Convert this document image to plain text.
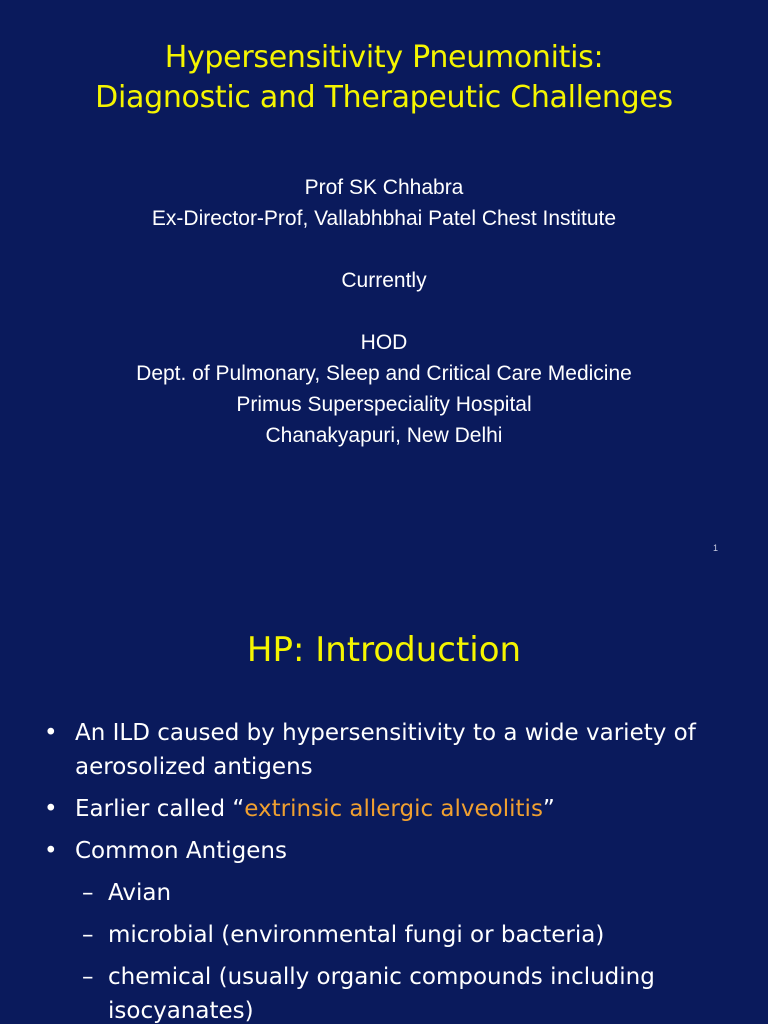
Hypersensitivity Pneumonitis:
Diagnostic and Therapeutic Challenges
Prof SK Chhabra
Ex-Director-Prof, Vallabhbhai Patel Chest Institute
Currently
HOD
Dept. of Pulmonary, Sleep and Critical Care Medicine
Primus Superspeciality Hospital
Chanakyapuri, New Delhi
1
HP: Introduction
• An ILD caused by hypersensitivity to a wide variety of aerosolized antigens
• Earlier called “extrinsic allergic alveolitis”
• Common Antigens
– Avian
– microbial (environmental fungi or bacteria)
– chemical (usually organic compounds including isocyanates)
